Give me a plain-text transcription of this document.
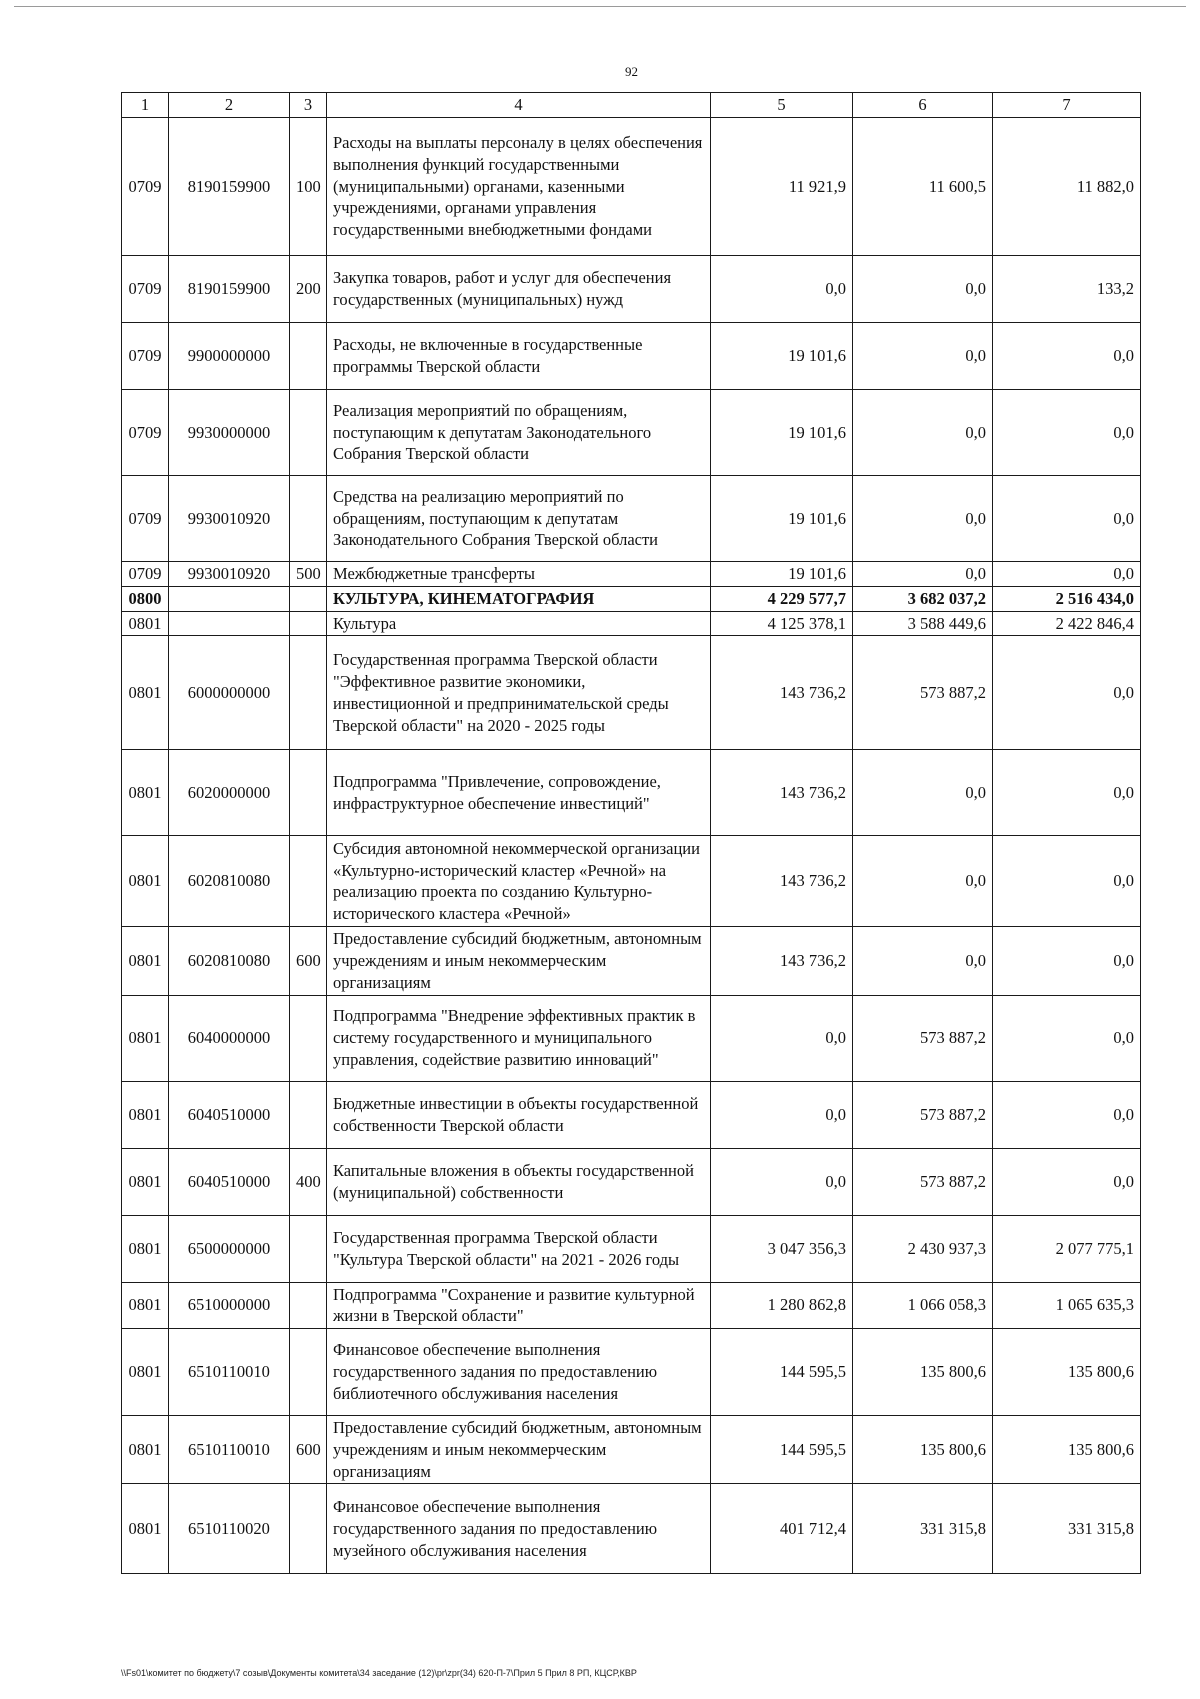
92
1	2	3	4	5	6	7
0709	8190159900	100	Расходы на выплаты персоналу в целях обеспечения выполнения функций государственными (муниципальными) органами, казенными учреждениями, органами управления государственными внебюджетными фондами	11 921,9	11 600,5	11 882,0
0709	8190159900	200	Закупка товаров, работ и услуг для обеспечения государственных (муниципальных) нужд	0,0	0,0	133,2
0709	9900000000		Расходы, не включенные в государственные программы Тверской области	19 101,6	0,0	0,0
0709	9930000000		Реализация мероприятий по обращениям, поступающим к депутатам Законодательного Собрания Тверской области	19 101,6	0,0	0,0
0709	9930010920		Средства на реализацию мероприятий по обращениям, поступающим к депутатам Законодательного Собрания Тверской области	19 101,6	0,0	0,0
0709	9930010920	500	Межбюджетные трансферты	19 101,6	0,0	0,0
0800			КУЛЬТУРА, КИНЕМАТОГРАФИЯ	4 229 577,7	3 682 037,2	2 516 434,0
0801			Культура	4 125 378,1	3 588 449,6	2 422 846,4
0801	6000000000		Государственная программа Тверской области "Эффективное развитие экономики, инвестиционной и предпринимательской среды Тверской области" на 2020 - 2025 годы	143 736,2	573 887,2	0,0
0801	6020000000		Подпрограмма "Привлечение, сопровождение, инфраструктурное обеспечение инвестиций"	143 736,2	0,0	0,0
0801	6020810080		Субсидия автономной некоммерческой организации «Культурно-исторический кластер «Речной» на реализацию проекта по созданию Культурно-исторического кластера «Речной»	143 736,2	0,0	0,0
0801	6020810080	600	Предоставление субсидий бюджетным, автономным учреждениям и иным некоммерческим организациям	143 736,2	0,0	0,0
0801	6040000000		Подпрограмма "Внедрение эффективных практик в систему государственного и муниципального управления, содействие развитию инноваций"	0,0	573 887,2	0,0
0801	6040510000		Бюджетные инвестиции в объекты государственной собственности Тверской области	0,0	573 887,2	0,0
0801	6040510000	400	Капитальные вложения в объекты государственной (муниципальной) собственности	0,0	573 887,2	0,0
0801	6500000000		Государственная программа Тверской области "Культура Тверской области" на 2021 - 2026 годы	3 047 356,3	2 430 937,3	2 077 775,1
0801	6510000000		Подпрограмма "Сохранение и развитие культурной жизни в Тверской области"	1 280 862,8	1 066 058,3	1 065 635,3
0801	6510110010		Финансовое обеспечение выполнения государственного задания по предоставлению библиотечного обслуживания населения	144 595,5	135 800,6	135 800,6
0801	6510110010	600	Предоставление субсидий бюджетным, автономным учреждениям и иным некоммерческим организациям	144 595,5	135 800,6	135 800,6
0801	6510110020		Финансовое обеспечение выполнения государственного задания по предоставлению музейного обслуживания населения	401 712,4	331 315,8	331 315,8
\\Fs01\комитет по бюджету\7 созыв\Документы комитета\34 заседание (12)\pr\zpr(34) 620-П-7\Прил 5 Прил 8 РП, КЦСР,КВР
